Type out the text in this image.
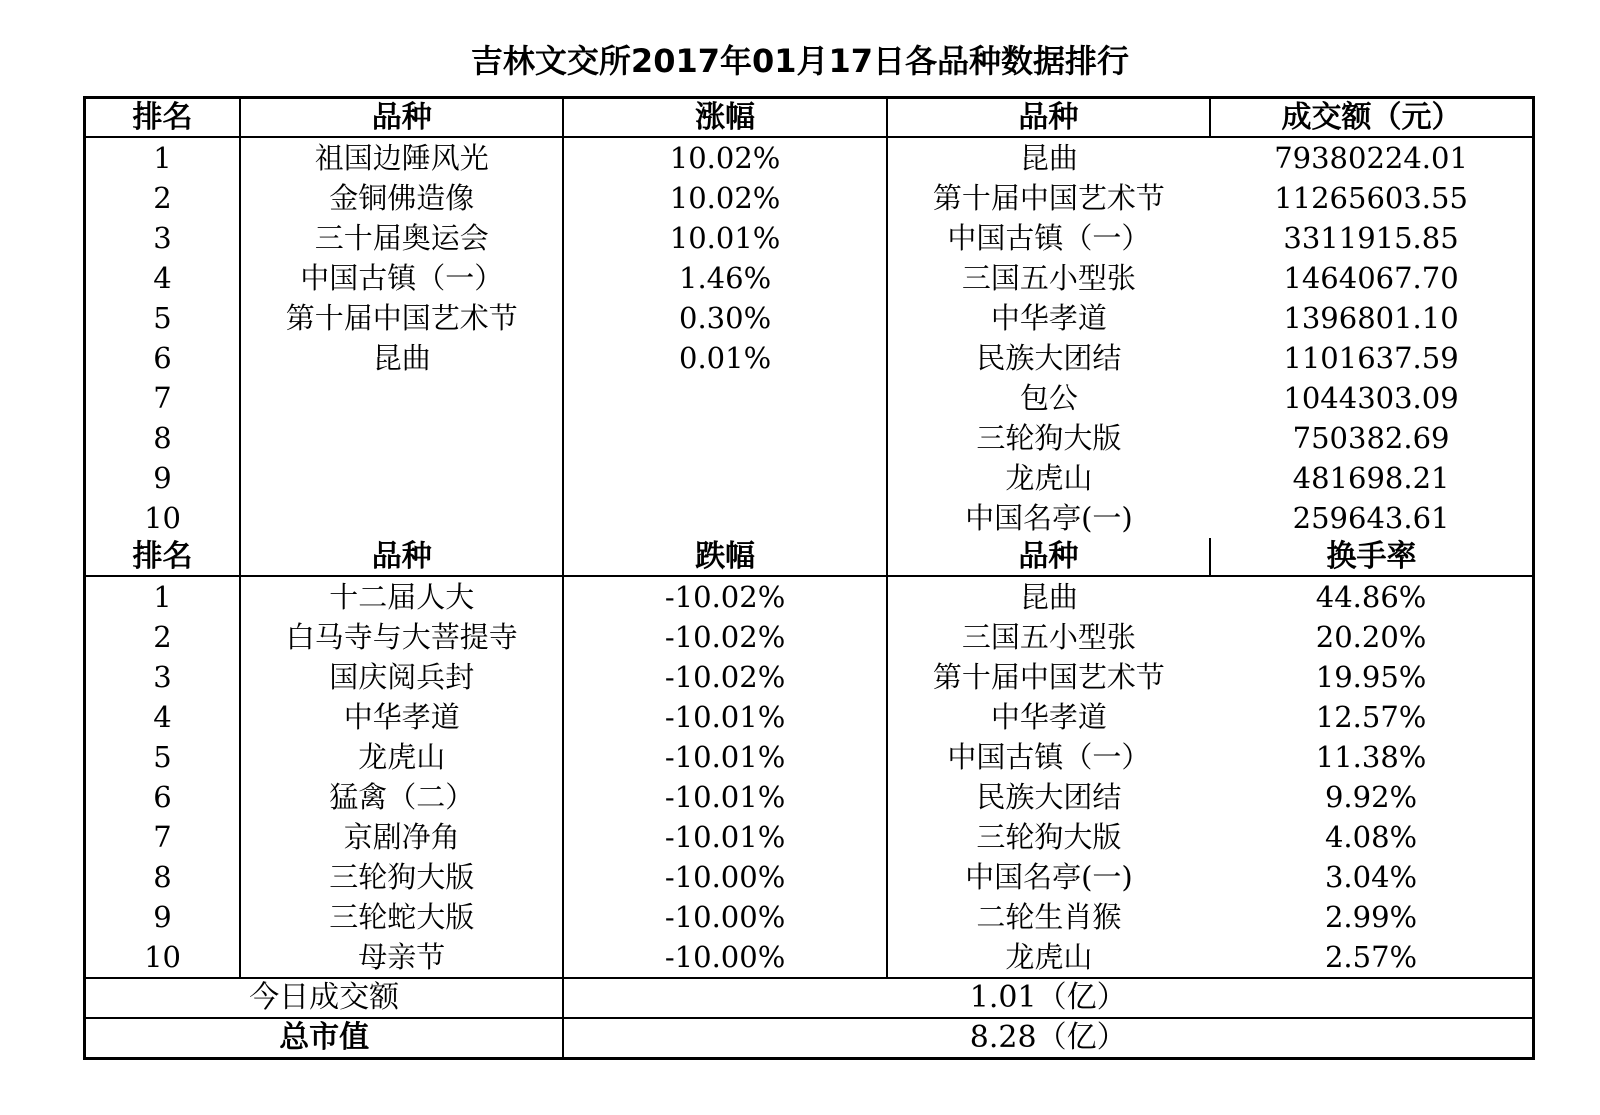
吉林文交所2017年01月17日各品种数据排行
排名	品种	涨幅	品种	成交额（元）
1	祖国边陲风光	10.02%	昆曲	79380224.01
2	金铜佛造像	10.02%	第十届中国艺术节	11265603.55
3	三十届奥运会	10.01%	中国古镇（一）	3311915.85
4	中国古镇（一）	1.46%	三国五小型张	1464067.70
5	第十届中国艺术节	0.30%	中华孝道	1396801.10
6	昆曲	0.01%	民族大团结	1101637.59
7			包公	1044303.09
8			三轮狗大版	750382.69
9			龙虎山	481698.21
10			中国名亭(一)	259643.61
排名	品种	跌幅	品种	换手率
1	十二届人大	-10.02%	昆曲	44.86%
2	白马寺与大菩提寺	-10.02%	三国五小型张	20.20%
3	国庆阅兵封	-10.02%	第十届中国艺术节	19.95%
4	中华孝道	-10.01%	中华孝道	12.57%
5	龙虎山	-10.01%	中国古镇（一）	11.38%
6	猛禽（二）	-10.01%	民族大团结	9.92%
7	京剧净角	-10.01%	三轮狗大版	4.08%
8	三轮狗大版	-10.00%	中国名亭(一)	3.04%
9	三轮蛇大版	-10.00%	二轮生肖猴	2.99%
10	母亲节	-10.00%	龙虎山	2.57%
今日成交额		1.01（亿）		
总市值		8.28（亿）		
